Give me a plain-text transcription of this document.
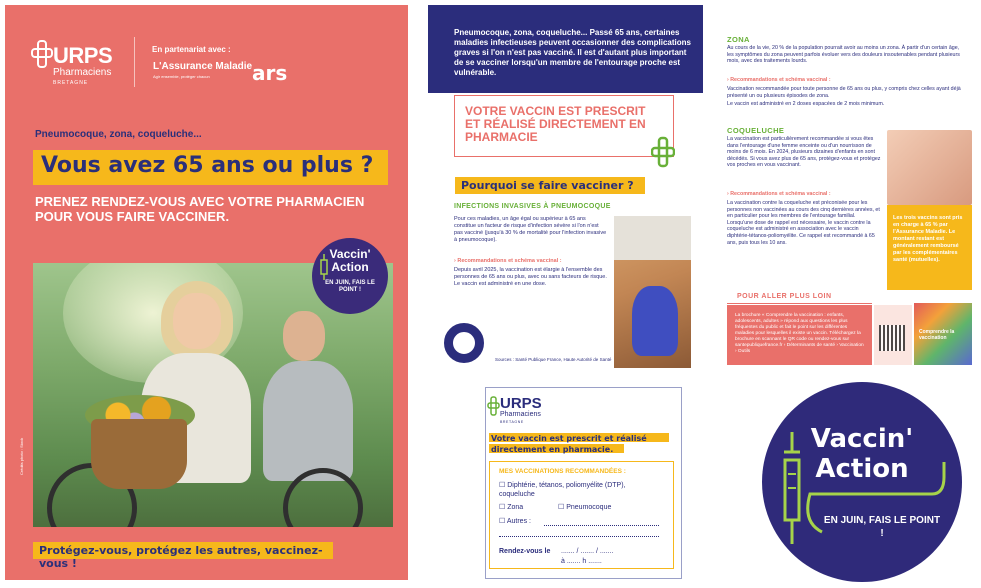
URPS
Pharmaciens
BRETAGNE
En partenariat avec :
L'Assurance Maladie
Agir ensemble, protéger chacun	ars
Pneumocoque, zona, coqueluche...
Vous avez 65 ans ou plus ?
PRENEZ RENDEZ-VOUS AVEC VOTRE PHARMACIEN POUR VOUS FAIRE VACCINER.
Crédits photo : Stock
Vaccin'
Action
EN JUIN, FAIS LE POINT !
Protégez-vous, protégez les autres, vaccinez-vous !
Pneumocoque, zona, coqueluche... Passé 65 ans, certaines maladies infectieuses peuvent occasionner des complications graves si l'on n'est pas vacciné. Il est d'autant plus important de se vacciner lorsqu'un membre de l'entourage proche est vulnérable.
VOTRE VACCIN EST PRESCRIT ET RÉALISÉ DIRECTEMENT EN PHARMACIE
Pourquoi se faire vacciner ?
INFECTIONS INVASIVES À PNEUMOCOQUE
Pour ces maladies, un âge égal ou supérieur à 65 ans constitue un facteur de risque d'infection sévère si l'on n'est pas vacciné (jusqu'à 30 % de mortalité pour l'infection invasive à pneumocoque).
› Recommandations et schéma vaccinal :
Depuis avril 2025, la vaccination est élargie à l'ensemble des personnes de 65 ans ou plus, avec ou sans facteurs de risque. Le vaccin est administré en une dose.
Sources : Santé Publique France, Haute Autorité de Santé
ZONA
Au cours de la vie, 20 % de la population pourrait avoir au moins un zona. À partir d'un certain âge, les symptômes du zona peuvent parfois évoluer vers des douleurs insoutenables pendant plusieurs mois, avec des traitements lourds.
› Recommandations et schéma vaccinal :
Vaccination recommandée pour toute personne de 65 ans ou plus, y compris chez celles ayant déjà présenté un ou plusieurs épisodes de zona.
Le vaccin est administré en 2 doses espacées de 2 mois minimum.
COQUELUCHE
La vaccination est particulièrement recommandée si vous êtes dans l'entourage d'une femme enceinte ou d'un nourrisson de moins de 6 mois. En 2024, plusieurs dizaines d'enfants en sont décédés. Si vous avez plus de 65 ans, protégez-vous et protégez vos proches en vous vaccinant.
› Recommandations et schéma vaccinal :
La vaccination contre la coqueluche est préconisée pour les personnes non vaccinées au cours des cinq dernières années, et en particulier pour les membres de l'entourage familial. Lorsqu'une dose de rappel est nécessaire, le vaccin contre la coqueluche est administré en association avec le vaccin diphtérie-tétanos-poliomyélite. Ce rappel est recommandé à 65 ans, puis tous les 10 ans.
Les trois vaccins sont pris en charge à 65 % par l'Assurance Maladie. Le montant restant est généralement remboursé par les complémentaires santé (mutuelles).
POUR ALLER PLUS LOIN
La brochure « Comprendre la vaccination : enfants, adolescents, adultes » répond aux questions les plus fréquentes du public et fait le point sur les différentes maladies pour lesquelles il existe un vaccin. Téléchargez la brochure en scannant le QR code ou rendez-vous sur santepubliquefrance.fr › Déterminants de santé › Vaccination › Outils
Comprendre la vaccination
URPS
Pharmaciens
BRETAGNE
Votre vaccin est prescrit et réalisé
directement en pharmacie.
MES VACCINATIONS RECOMMANDÉES :
☐ Diphtérie, tétanos, poliomyélite (DTP), coqueluche
☐ Zona	☐ Pneumocoque
☐ Autres :
Rendez-vous le ....... / ....... / .......
à ....... h .......
Vaccin'
Action
EN JUIN, FAIS LE POINT !
